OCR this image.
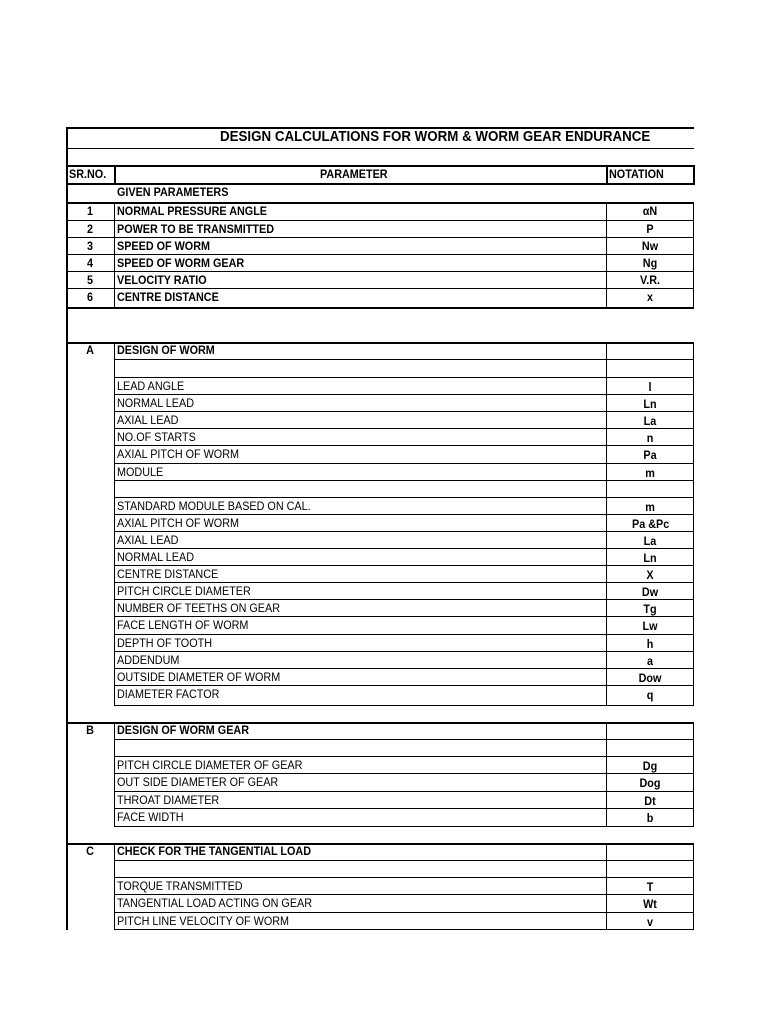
DESIGN CALCULATIONS FOR WORM & WORM GEAR ENDURANCE
SR.NO.	PARAMETER	NOTATION
GIVEN PARAMETERS
1	NORMAL PRESSURE ANGLE	αN
2	POWER TO BE TRANSMITTED	P
3	SPEED OF WORM	Nw
4	SPEED OF WORM GEAR	Ng
5	VELOCITY RATIO	V.R.
6	CENTRE DISTANCE	x
A	DESIGN OF WORM
LEAD ANGLE	l
NORMAL LEAD	Ln
AXIAL LEAD	La
NO.OF STARTS	n
AXIAL PITCH OF WORM	Pa
MODULE	m
STANDARD MODULE BASED ON CAL.	m
AXIAL PITCH OF WORM	Pa &Pc
AXIAL LEAD	La
NORMAL LEAD	Ln
CENTRE DISTANCE	X
PITCH CIRCLE DIAMETER	Dw
NUMBER OF TEETHS ON GEAR	Tg
FACE LENGTH OF WORM	Lw
DEPTH OF TOOTH	h
ADDENDUM	a
OUTSIDE DIAMETER OF WORM	Dow
DIAMETER FACTOR	q
B	DESIGN OF WORM GEAR
PITCH CIRCLE DIAMETER OF GEAR	Dg
OUT SIDE DIAMETER OF GEAR	Dog
THROAT DIAMETER	Dt
FACE WIDTH	b
C	CHECK FOR THE TANGENTIAL LOAD
TORQUE TRANSMITTED	T
TANGENTIAL LOAD ACTING ON GEAR	Wt
PITCH LINE VELOCITY OF WORM	v
